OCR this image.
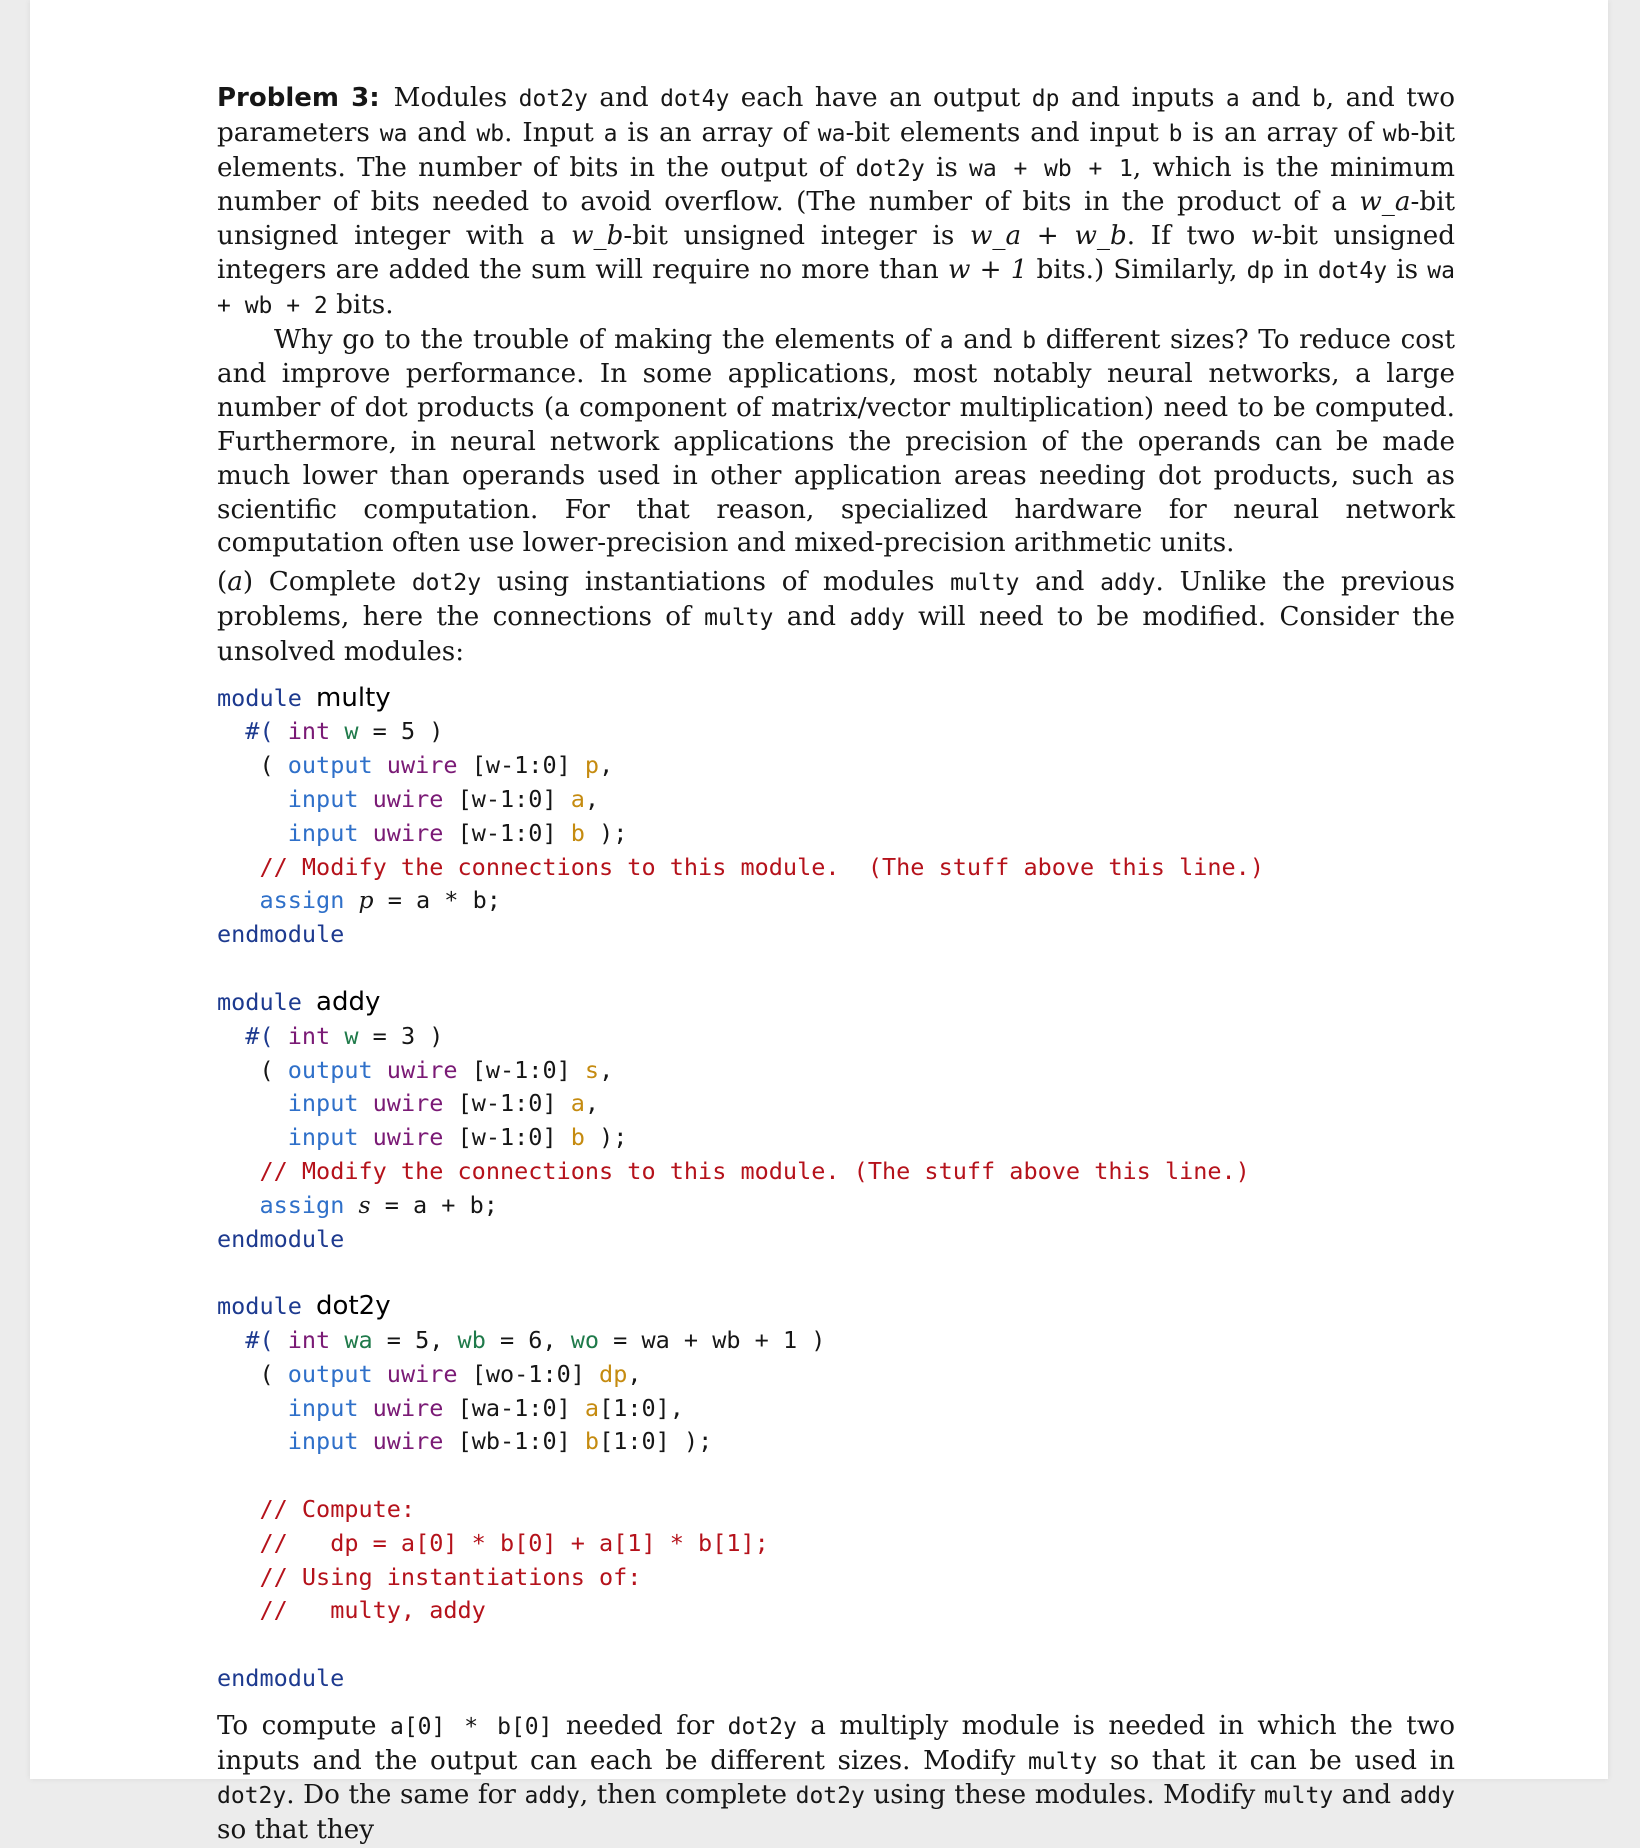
Problem 3: Modules dot2y and dot4y each have an output dp and inputs a and b, and two parameters wa and wb. Input a is an array of wa-bit elements and input b is an array of wb-bit elements. The number of bits in the output of dot2y is wa + wb + 1, which is the minimum number of bits needed to avoid overflow. (The number of bits in the product of a w_a-bit unsigned integer with a w_b-bit unsigned integer is w_a + w_b. If two w-bit unsigned integers are added the sum will require no more than w + 1 bits.) Similarly, dp in dot4y is wa + wb + 2 bits.

Why go to the trouble of making the elements of a and b different sizes? To reduce cost and improve performance. In some applications, most notably neural networks, a large number of dot products (a component of matrix/vector multiplication) need to be computed. Furthermore, in neural network applications the precision of the operands can be made much lower than operands used in other application areas needing dot products, such as scientific computation. For that reason, specialized hardware for neural network computation often use lower-precision and mixed-precision arithmetic units.

(a) Complete dot2y using instantiations of modules multy and addy. Unlike the previous problems, here the connections of multy and addy will need to be modified. Consider the unsolved modules:

module multy
#( int w = 5 )
( output uwire [w-1:0] p,
input uwire [w-1:0] a,
input uwire [w-1:0] b );
// Modify the connections to this module.  (The stuff above this line.)
assign p = a * b;
endmodule
module addy
#( int w = 3 )
( output uwire [w-1:0] s,
input uwire [w-1:0] a,
input uwire [w-1:0] b );
// Modify the connections to this module. (The stuff above this line.)
assign s = a + b;
endmodule
module dot2y
#( int wa = 5, wb = 6, wo = wa + wb + 1 )
( output uwire [wo-1:0] dp,
input uwire [wa-1:0] a[1:0],
input uwire [wb-1:0] b[1:0] );

// Compute:
//   dp = a[0] * b[0] + a[1] * b[1];
// Using instantiations of:
//   multy, addy

endmodule

To compute a[0] * b[0] needed for dot2y a multiply module is needed in which the two inputs and the output can each be different sizes. Modify multy so that it can be used in dot2y. Do the same for addy, then complete dot2y using these modules. Modify multy and addy so that they
